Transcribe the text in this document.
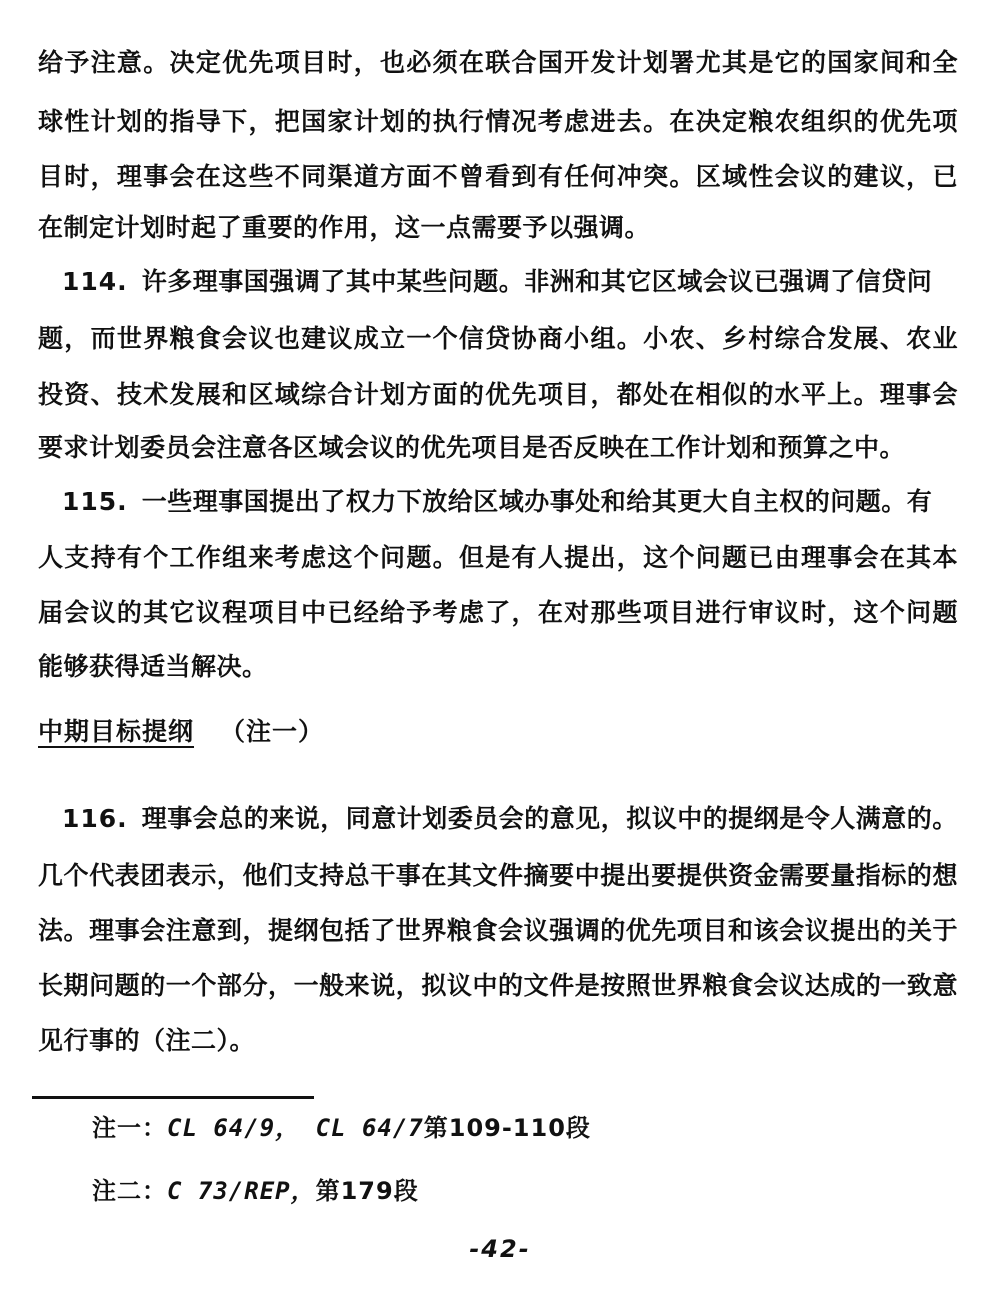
给予注意。决定优先项目时，也必须在联合国开发计划署尤其是它的国家间和全
球性计划的指导下，把国家计划的执行情况考虑进去。在决定粮农组织的优先项
目时，理事会在这些不同渠道方面不曾看到有任何冲突。区域性会议的建议，已
在制定计划时起了重要的作用，这一点需要予以强调。
114. 许多理事国强调了其中某些问题。非洲和其它区域会议已强调了信贷问
题，而世界粮食会议也建议成立一个信贷协商小组。小农、乡村综合发展、农业
投资、技术发展和区域综合计划方面的优先项目，都处在相似的水平上。理事会
要求计划委员会注意各区域会议的优先项目是否反映在工作计划和预算之中。
115. 一些理事国提出了权力下放给区域办事处和给其更大自主权的问题。有
人支持有个工作组来考虑这个问题。但是有人提出，这个问题已由理事会在其本
届会议的其它议程项目中已经给予考虑了，在对那些项目进行审议时，这个问题
能够获得适当解决。
中期目标提纲 （注一）
116. 理事会总的来说，同意计划委员会的意见，拟议中的提纲是令人满意的。
几个代表团表示，他们支持总干事在其文件摘要中提出要提供资金需要量指标的想
法。理事会注意到，提纲包括了世界粮食会议强调的优先项目和该会议提出的关于
长期问题的一个部分，一般来说，拟议中的文件是按照世界粮食会议达成的一致意
见行事的（注二）。
注一：CL 64/9， CL 64/7第109-110段
注二：C 73/REP，第179段
-42-
